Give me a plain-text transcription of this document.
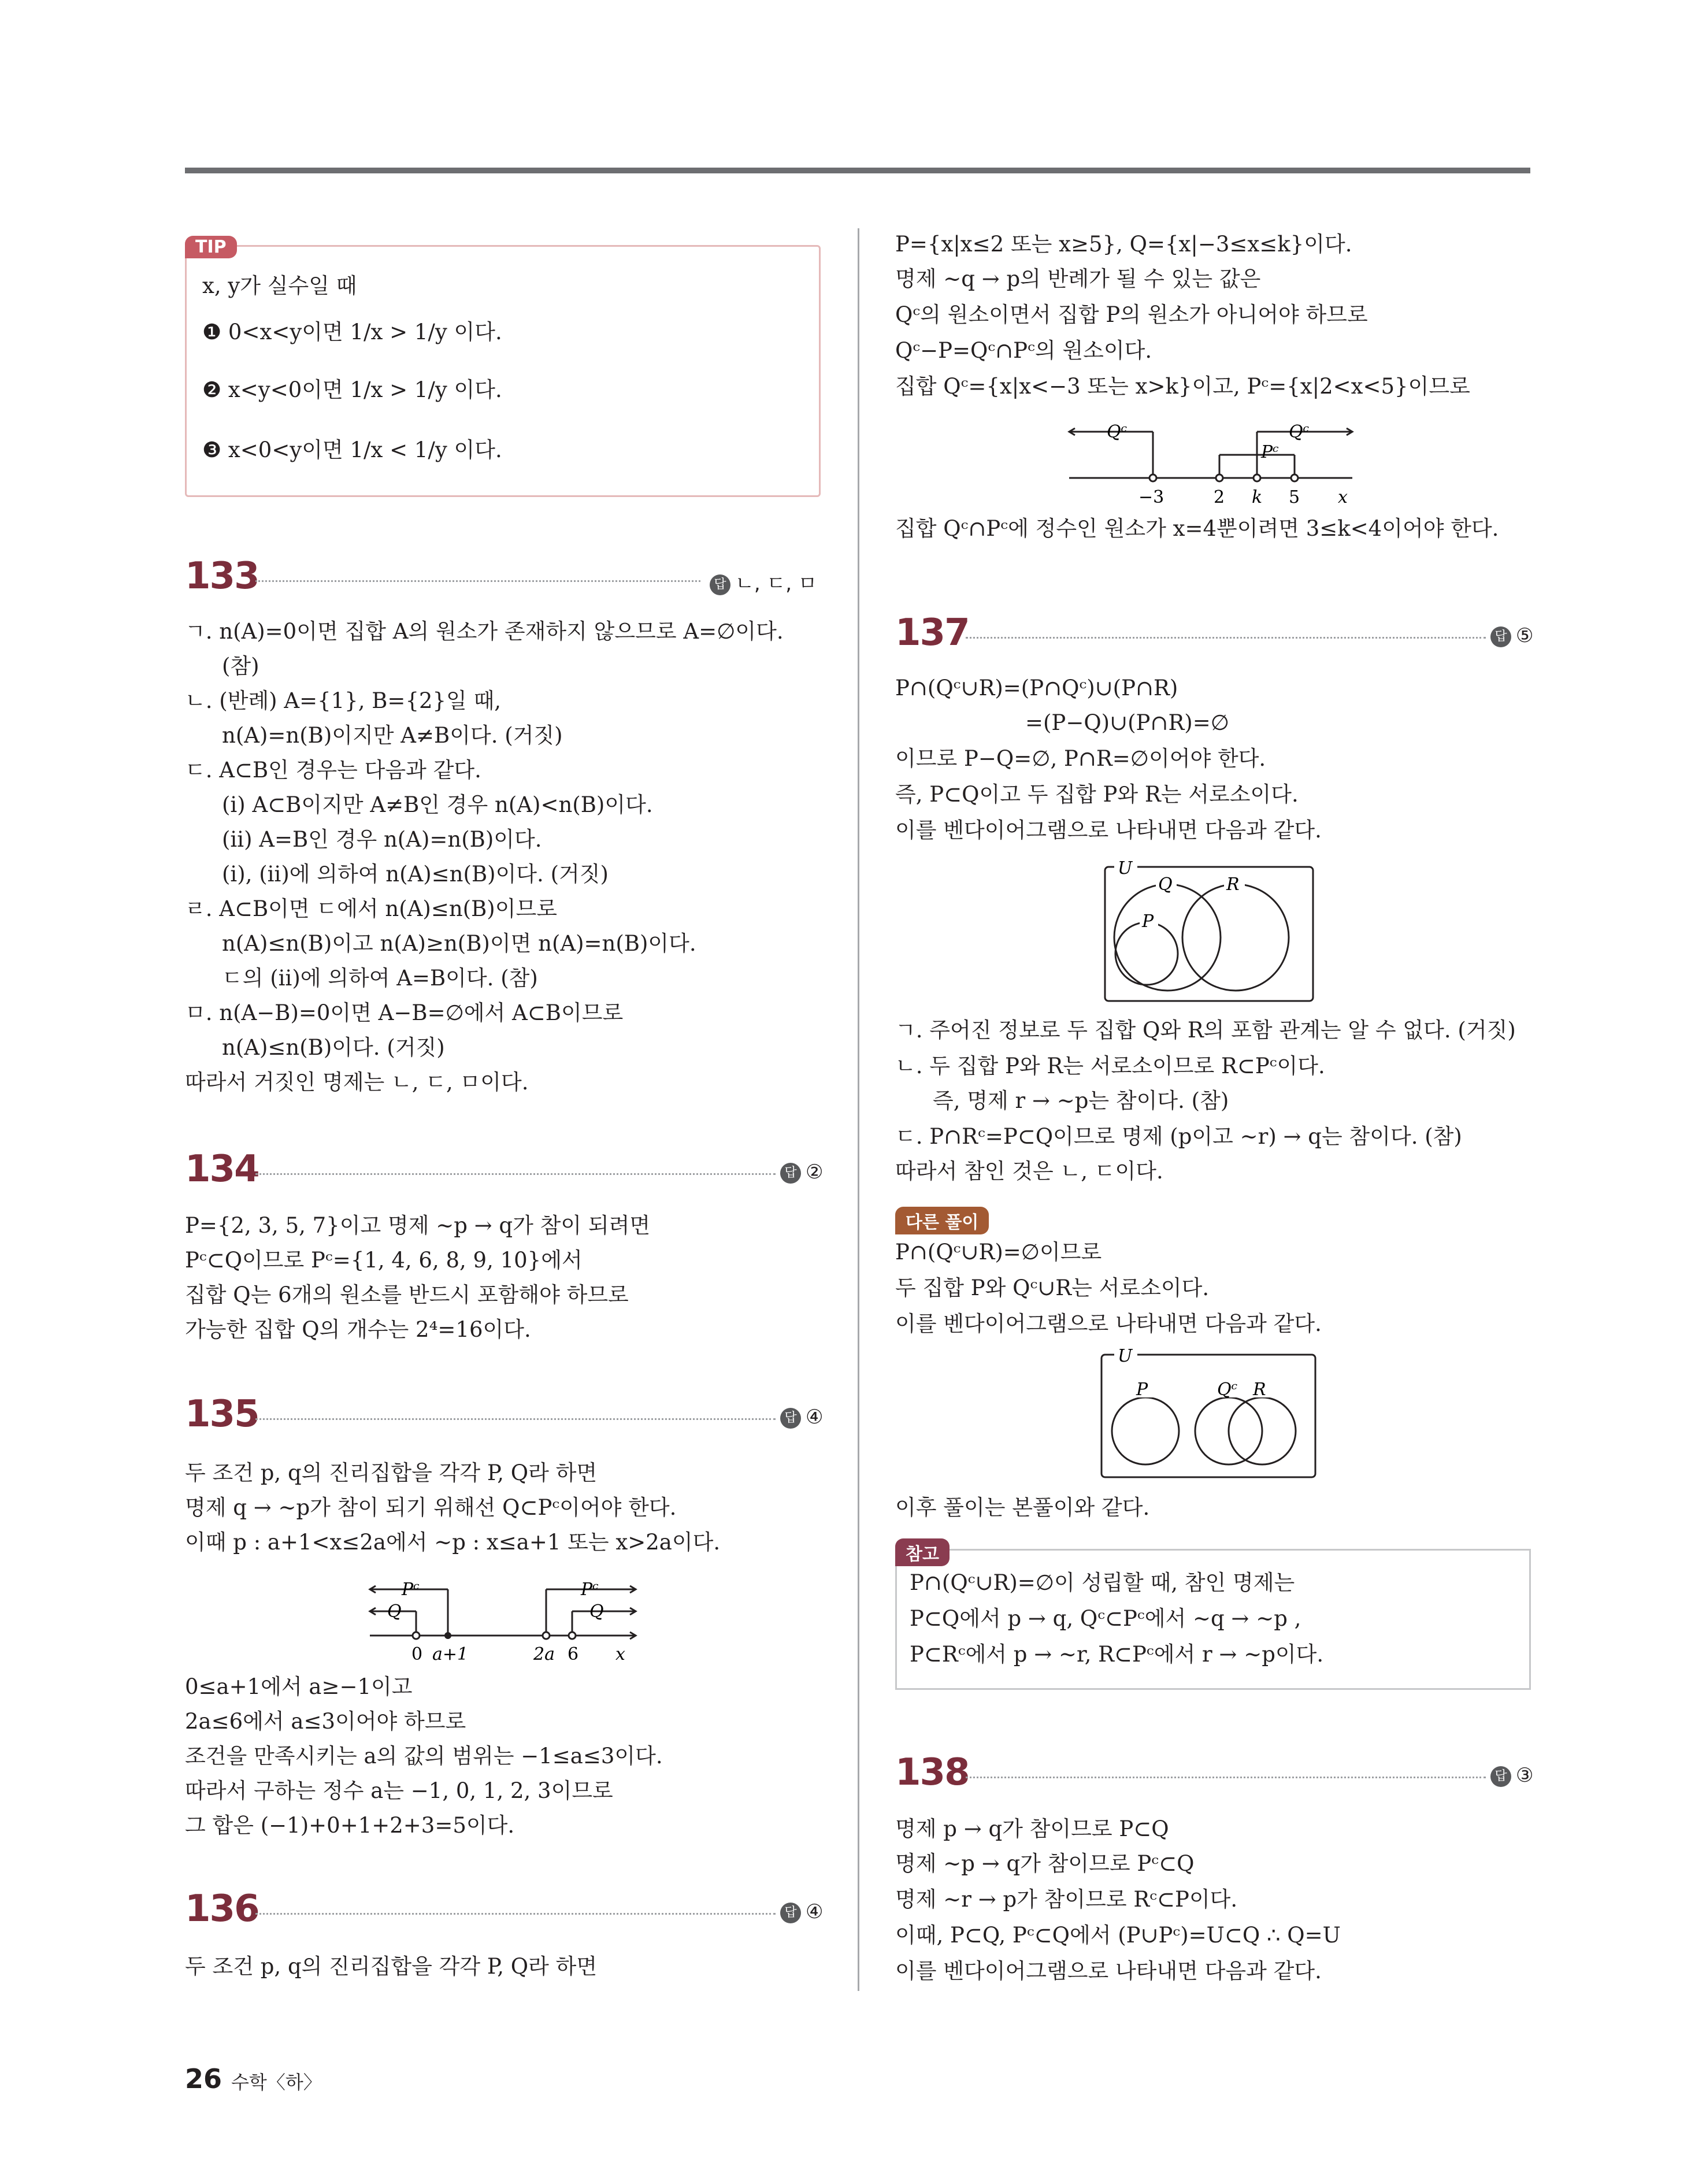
TIP
x, y가 실수일 때
❶ 0<x<y이면 1/x > 1/y 이다.
❷ x<y<0이면 1/x > 1/y 이다.
❸ x<0<y이면 1/x < 1/y 이다.
133	답 ㄴ, ㄷ, ㅁ
ㄱ. n(A)=0이면 집합 A의 원소가 존재하지 않으므로 A=∅이다.
(참)
ㄴ. (반례) A={1}, B={2}일 때,
n(A)=n(B)이지만 A≠B이다. (거짓)
ㄷ. A⊂B인 경우는 다음과 같다.
(ⅰ) A⊂B이지만 A≠B인 경우 n(A)<n(B)이다.
(ⅱ) A=B인 경우 n(A)=n(B)이다.
(ⅰ), (ⅱ)에 의하여 n(A)≤n(B)이다. (거짓)
ㄹ. A⊂B이면 ㄷ에서 n(A)≤n(B)이므로
n(A)≤n(B)이고 n(A)≥n(B)이면 n(A)=n(B)이다.
ㄷ의 (ⅱ)에 의하여 A=B이다. (참)
ㅁ. n(A−B)=0이면 A−B=∅에서 A⊂B이므로
n(A)≤n(B)이다. (거짓)
따라서 거짓인 명제는 ㄴ, ㄷ, ㅁ이다.
134	답 ②
P={2, 3, 5, 7}이고 명제 ~p → q가 참이 되려면
Pᶜ⊂Q이므로 Pᶜ={1, 4, 6, 8, 9, 10}에서
집합 Q는 6개의 원소를 반드시 포함해야 하므로
가능한 집합 Q의 개수는 2⁴=16이다.
135	답 ④
두 조건 p, q의 진리집합을 각각 P, Q라 하면
명제 q → ~p가 참이 되기 위해선 Q⊂Pᶜ이어야 한다.
이때 p : a+1<x≤2a에서 ~p : x≤a+1 또는 x>2a이다.
Pᶜ
Q
Pᶜ
Q
0 a+1	2a 6 x
0≤a+1에서 a≥−1이고
2a≤6에서 a≤3이어야 하므로
조건을 만족시키는 a의 값의 범위는 −1≤a≤3이다.
따라서 구하는 정수 a는 −1, 0, 1, 2, 3이므로
그 합은 (−1)+0+1+2+3=5이다.
136	답 ④
두 조건 p, q의 진리집합을 각각 P, Q라 하면
P={x|x≤2 또는 x≥5}, Q={x|−3≤x≤k}이다.
명제 ~q → p의 반례가 될 수 있는 값은
Qᶜ의 원소이면서 집합 P의 원소가 아니어야 하므로
Qᶜ−P=Qᶜ∩Pᶜ의 원소이다.
집합 Qᶜ={x|x<−3 또는 x>k}이고, Pᶜ={x|2<x<5}이므로
Qᶜ	Qᶜ
Pᶜ
−3	2 k 5 x
집합 Qᶜ∩Pᶜ에 정수인 원소가 x=4뿐이려면 3≤k<4이어야 한다.
137	답 ⑤
P∩(Qᶜ∪R)=(P∩Qᶜ)∪(P∩R)
=(P−Q)∪(P∩R)=∅
이므로 P−Q=∅, P∩R=∅이어야 한다.
즉, P⊂Q이고 두 집합 P와 R는 서로소이다.
이를 벤다이어그램으로 나타내면 다음과 같다.
U
Q	R
P
ㄱ. 주어진 정보로 두 집합 Q와 R의 포함 관계는 알 수 없다. (거짓)
ㄴ. 두 집합 P와 R는 서로소이므로 R⊂Pᶜ이다.
즉, 명제 r → ~p는 참이다. (참)
ㄷ. P∩Rᶜ=P⊂Q이므로 명제 (p이고 ~r) → q는 참이다. (참)
따라서 참인 것은 ㄴ, ㄷ이다.
다른 풀이
P∩(Qᶜ∪R)=∅이므로
두 집합 P와 Qᶜ∪R는 서로소이다.
이를 벤다이어그램으로 나타내면 다음과 같다.
U
P	Qᶜ R
이후 풀이는 본풀이와 같다.
참고
P∩(Qᶜ∪R)=∅이 성립할 때, 참인 명제는
P⊂Q에서 p → q, Qᶜ⊂Pᶜ에서 ~q → ~p ,
P⊂Rᶜ에서 p → ~r, R⊂Pᶜ에서 r → ~p이다.
138	답 ③
명제 p → q가 참이므로 P⊂Q
명제 ~p → q가 참이므로 Pᶜ⊂Q
명제 ~r → p가 참이므로 Rᶜ⊂P이다.
이때, P⊂Q, Pᶜ⊂Q에서 (P∪Pᶜ)=U⊂Q ∴ Q=U
이를 벤다이어그램으로 나타내면 다음과 같다.
26 수학〈하〉
